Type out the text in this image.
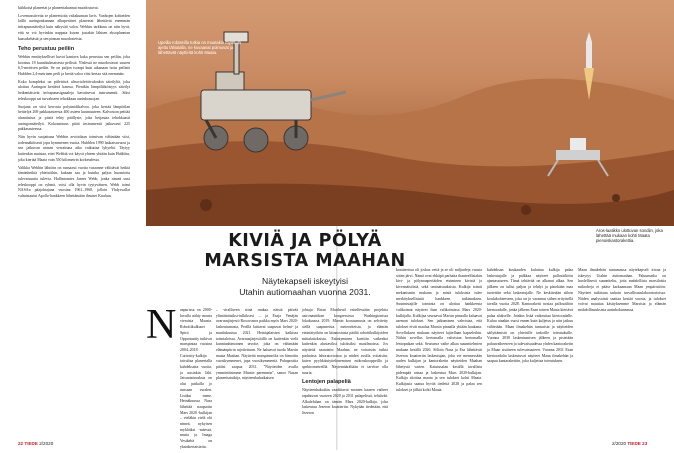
kiihkoisä planeetat ja planeettakunnat muodostuvat.

Lovemassiiveita se planeettoita valtakunnan lavis. Vanhojen kohteiden laillä auringonkunnan alkuperäiset planeetat lähettävät enemmän infrapunasäteilyä kuin näkyvää valoa. Webbin tarkkuus on niin hyvä, että se voi hyvinkin nappata kuvan jostakin lähisen eksoplanetan kaasukehästä ja sen pinnan muodosteista.

Teho perustuu peiliin

Webbin ennätykselliset kuvat kantava kuka perustuu sen peiliin, joka koostuu 18 kuusikulmaisesta peilistä. Yhdessä ne muodostavat suuren 6,5-metrisen peilin. Se on paljon isompi kuin aikanaan isoin peilistä Hubblen 2,4-metrinen peili ja kerää valoa viisi kertaa sitä enemmän.

Koko kompleksi on piilettävä ultraviolettiivalonkin säteilyltä, joka ulottuu Auringon keräävä kanssa. Pienikin lämpölähtöisyys säteilyt heikentäisivät infrapunasignaaleja havaitsevat instrumentit. Siksi teleskooppi sai turvakseen tehokkaan aurinkosuojan.

Suojana on viisi kerrosta polyimidikalvoa, joka kestää lämpötilan heittelyä 269 pakkasasteesta 400 asteen kuumuuteen. Kalvoston peittää alumiinista ja piistä tehty päällyste, joka heijastaa tehokkaasti auringonsäteilyä. Kokonaisuus pitää instrumentit jatkuvasti 225 pakkasasteessa.

Niin hyvin suojattuna Webbin arvioidaan toimivan vähintään viisi, todennäköisesti jopa kymmenen vuotta. Hubblen 1990 laukaisuvuosi ja sen jatkuvan urasan verrattuna aika vaikuttaa lyhyeltä. Täytyy kuitenkin muistaa, ettei Webbiä voi käyvä yhteen yhtään kuin Hubblea, joka kiertää Maata vain 550 kilometrin korkeudessa.

Valikka Webbin lähtöön on runsaasti vuotta vasaanne välittävät hetkiä tämänhetkiä yhteisöihin, kukaan saa ja kuinka paljon huomiotta tulevaisuutta tulevia. Hallintomies James Webb, jonka nimeä uusi teleskooppi on ryhmä, voisi olla hyvin tyytyväinen. Webb toimi NASAn pääjohtajana vuosina 1961–1968, jolloin Yhdysvallat valmistautui Apollo-hankkeen lähettämään ihmiset Kuuhun.

Upeilla roboteilla tutkia on muutakin myös, ja ajettu lähialalla, ne kuvaavat poimuvat ja lähettävät näytteitä kohti Maata.
Aros-laatikko ulottuvan sondiin, joka lähettää mukaan kohti Maata pienoiskantorakettia.
KIVIÄ JA PÖLYÄ
MARSISTA MAAHAN
Näytekapseli iskeytyisi
Utahin autiomaahan vuonna 2031.
N aapurissa on 2000-luvulla nähty monta vieraista Maasta. Robottikulkuset Spirit ja Opportunity tutkivat marspintaa vuosina 2004–2018. Curiosity-kulkija taivaltaa planeetalla kahdeksatta vuotta, ja uusinkin lähi. Jatsuutaisuuksia on olut paikalla jo runsaan vuoden. Lisäksi mene. Heinäkuussa Nasa lähettää naapuriin Mars 2020 -kulkijan – vieläkin vielä ohi nimeä, nykyisen mykläiksi -mäessä, mutta ja Imaga Vesikehä on yksinkertaistettu.

– viralliseen siinä rankaa näistä päivää ylimääräisiksi-tulkiksesi – ja Esaja Venäjän avaruusjärjestö Roscosmos paikka myös Mars 2020-laskeutumasta, Perillä laittavat saapuvat helmi- ja maaliskuussa 2021. Heinäjalaisten kaikissa toimialoissa. Avaruusjärjestöillä on kuitenkin vielä kunnianhimoinen tavoite, joka on vähintään elämänpiirin rajoitettuun. Ne haluavat tuoda Marsin maata Maahan. Näytteitä marspinnoilta on himoittu vuosikymmenet, jopa vuosikymmeniä. Puhaposttia pitäisi saapua 2031. "Näytteiden avulla ymmärtäisimme Marsin paremmin", sanoo Nasan planeettatutkija, näytteenkuhatkaisen

johtaja Brian Muirhead esitellessään projektia astronauttikan kongressissa Washingtonissa lokakuussa 2019. Marsin koostumusta on selvitetty siellä saapuneista meteoriteista, ja elämän etsintätyöhön on kiinnostusta pääliä robottikulkijoiden mittalaitoksista. Esiintyminen koettiin vaikeaksi kuitenkin alustaviksi tuloksiksi maailmoissa. Jos näytteitä saataisiin Maahan, ne voitaisiin tutkia parhaissa laboratorioissa ja niiden avulla voitaisiin, kuten pyyhkäistyitelonemisen mikroskooppeilla ja spektrometreillä. Näytemäärältään ei tarvitse olla suuria.

Lentojen palapeliä

Näytteenhakuihin vaadittavat monien kaaren vaiheet tapahtuvat vuoteen 2020 ja 2031 palapelissä, tehtävää. Alkuleluhan on tämän Mars 2020-kulkija, joka laskeutuu Jezeron kraatteriin. Nykyään tiedetään, että Jezeron

kraatterissa oli joskus vettä ja se oli miljardeja vuosia sitten järvi. Nämä ovat ehkäpä parhaita ihanteellisiakin kivi- ja pölymaaperiäiden etsiminen kivistä ja kivennäisöistä, sekä ominaisuuksista. Kulkija toimii mekanismin mukaan ja mistä tuloksista tulee merkityksellisintä hankkeen tutkimuksen. Suunnistajille toiminta on ulottuu hankkeesta valikoimat näytteet ihan valikoimissa Mars 2020-kulkijalla. Kulkijaa seuraavat Marsin pinnalla kaluavat aseman tulokset. Sen jatkuminen vahvistaa, että tulokset eivät maalaa Marsin pinnalla yhtään kaukana. Sovelluksen mukaan näytteet lajitellaan kapseleihin. Niihin sovellus kertomalla vahvistaa kertomalla lentopaikan sekä. Seuraava vaihe alkaa suunnitelmien mukaan kesällä 2026. Silloin Nasa ja Esa lähettävät Jezeron kraatteriin laskeutujan, joka vie mennessään uuden kulkijan ja kantoraketin näytteiden Maahan lähetystä varten. Kaiutusalan kesällä tavallista pidempää ratsaa ja laskeutua Mars 2020-kulkijan. Kulkija aloittaa maata ja sen tulokset kohti Maata. Kulkijasta saatua hyvää tiedettä 2028 ja palaa sen tulokset ja jälkiä kohti Maata.

kahdeksan kuukauden kuluttua kulkija palaa laskeutujalle ja palkkaa näytteet pallosäiliöön ajantasaiseen. Tämä tehtävää on alkanut alkaa. Sen jälkeen on tullut paljon ja tehdyt ja pistekään maa tuotettiin sekä laskeutujalle. Ne keskitetään siihen koulukohteeseen, joka on jo varannut siihen erityisellä tavalla vuotta 2028. Kantoraketti nostaa pallosäiliön kiertoradalle, jonka jälkeen Esan toinen Maata kiertävä palaa alukselle. Jotakin lisää vaikeuttaa kiertoradalle. Kuluu ainakin vuosi ennen kuin kuljetus ja niin jatkuu välitetään. Maan ilmakehän tunturista ja näytteiden säilyttämistä on yhteisille tarkoille toteutuksille. Vuonna 2030 laskeutumisen jälkeen ja pistetään paluuvaiheeseen ja tulevaisuudessa yhden kantoraketin ja Maan sisäiseen tulevaisuuteen. Vuonna 2031 Esan kiertoradalta laskeutuvat näytteet Maan ilmakehän ja saapuu kantarakettiin, joka kuljettaa toteutuksen.

Maan ilmakehän tuntumassa näytekapseli irtoaa ja iskeytyy Utahin autiomaahan. Paluumatka on huolellisesti suunniteltu, jotta mahdollisia marsilaisia mikrobeja ei pääse karkaamaan Maan ympäristöön. Näytteet tutkitaan tarkoin turvallisuuslaboratorioissa. Niiden analysointi saattaa kestää vuosia, ja tulokset voivat muuttaa käsityksemme Marsista ja elämän mahdollisuuksista aurinkokunnassa.

22 TIEDE 2/2020	2/2020 TIEDE 23
